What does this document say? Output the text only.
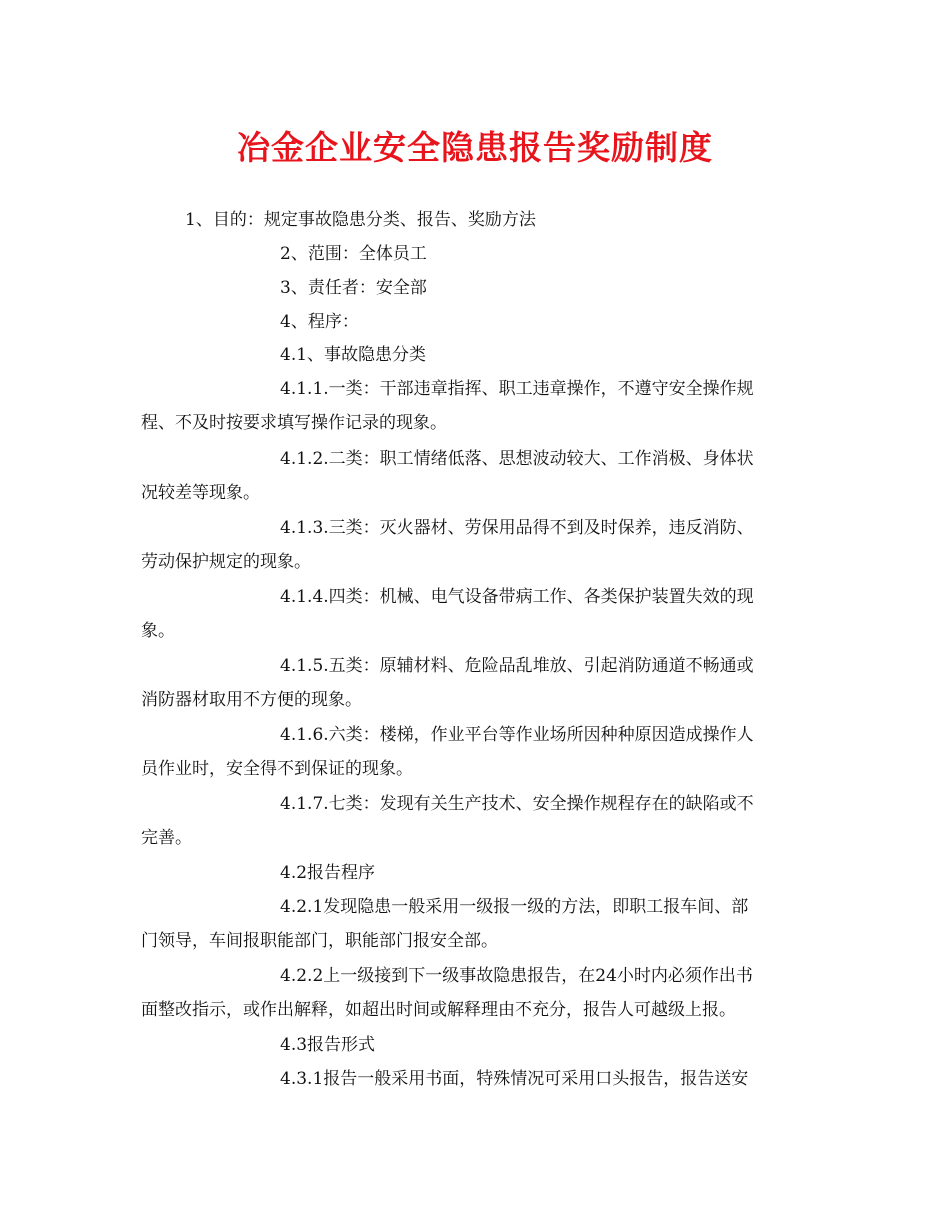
冶金企业安全隐患报告奖励制度
1、目的：规定事故隐患分类、报告、奖励方法
2、范围：全体员工
3、责任者：安全部
4、程序：
4.1、事故隐患分类
4.1.1.一类：干部违章指挥、职工违章操作，不遵守安全操作规
程、不及时按要求填写操作记录的现象。
4.1.2.二类：职工情绪低落、思想波动较大、工作消极、身体状
况较差等现象。
4.1.3.三类：灭火器材、劳保用品得不到及时保养，违反消防、
劳动保护规定的现象。
4.1.4.四类：机械、电气设备带病工作、各类保护装置失效的现
象。
4.1.5.五类：原辅材料、危险品乱堆放、引起消防通道不畅通或
消防器材取用不方便的现象。
4.1.6.六类：楼梯，作业平台等作业场所因种种原因造成操作人
员作业时，安全得不到保证的现象。
4.1.7.七类：发现有关生产技术、安全操作规程存在的缺陷或不
完善。
4.2报告程序
4.2.1发现隐患一般采用一级报一级的方法，即职工报车间、部
门领导，车间报职能部门，职能部门报安全部。
4.2.2上一级接到下一级事故隐患报告，在24小时内必须作出书
面整改指示，或作出解释，如超出时间或解释理由不充分，报告人可越级上报。
4.3报告形式
4.3.1报告一般采用书面，特殊情况可采用口头报告，报告送安
